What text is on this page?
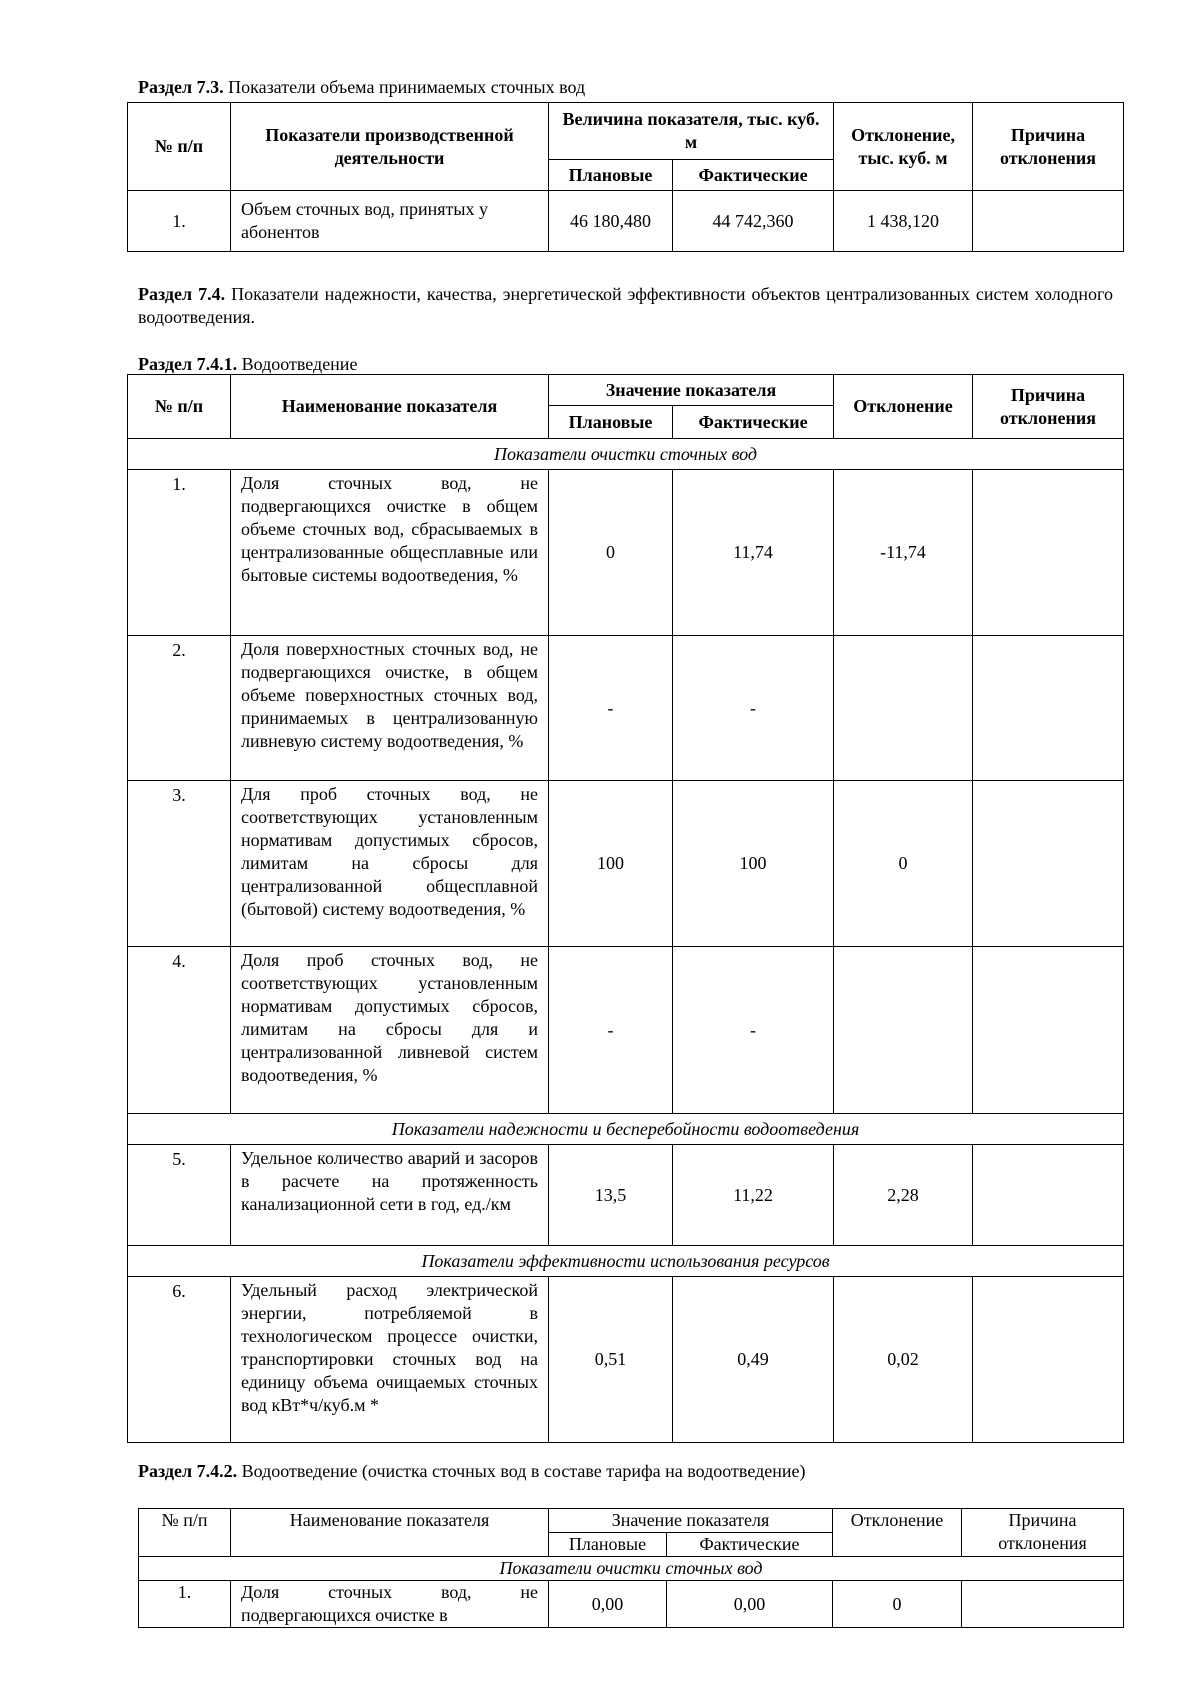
Раздел 7.3. Показатели объема принимаемых сточных вод
№ п/п	Показатели производственной деятельности	Величина показателя, тыс. куб. м		Отклонение, тыс. куб. м	Причина отклонения
		Плановые	Фактические		
1.	Объем сточных вод, принятых у абонентов	46 180,480	44 742,360	1 438,120	
Раздел 7.4. Показатели надежности, качества, энергетической эффективности объектов централизованных систем холодного водоотведения.
Раздел 7.4.1. Водоотведение
№ п/п	Наименование показателя	Значение показателя		Отклонение	Причина отклонения
		Плановые	Фактические		
Показатели очистки сточных вод					
1.	Доля сточных вод, не подвергающихся очистке в общем объеме сточных вод, сбрасываемых в централизованные общесплавные или бытовые системы водоотведения, %	0	11,74	-11,74	
2.	Доля поверхностных сточных вод, не подвергающихся очистке, в общем объеме поверхностных сточных вод, принимаемых в централизованную ливневую систему водоотведения, %	-	-		
3.	Для проб сточных вод, не соответствующих установленным нормативам допустимых сбросов, лимитам на сбросы для централизованной общесплавной (бытовой) систему водоотведения, %	100	100	0	
4.	Доля проб сточных вод, не соответствующих установленным нормативам допустимых сбросов, лимитам на сбросы для и централизованной ливневой систем водоотведения, %	-	-		
Показатели надежности и бесперебойности водоотведения					
5.	Удельное количество аварий и засоров в расчете на протяженность канализационной сети в год, ед./км	13,5	11,22	2,28	
Показатели эффективности использования ресурсов					
6.	Удельный расход электрической энергии, потребляемой в технологическом процессе очистки, транспортировки сточных вод на единицу объема очищаемых сточных вод кВт*ч/куб.м *	0,51	0,49	0,02	
Раздел 7.4.2. Водоотведение (очистка сточных вод в составе тарифа на водоотведение)
№ п/п	Наименование показателя	Значение показателя		Отклонение	Причина отклонения
		Плановые	Фактические		
Показатели очистки сточных вод					
1.	Доля сточных вод, не подвергающихся очистке в	0,00	0,00	0	
